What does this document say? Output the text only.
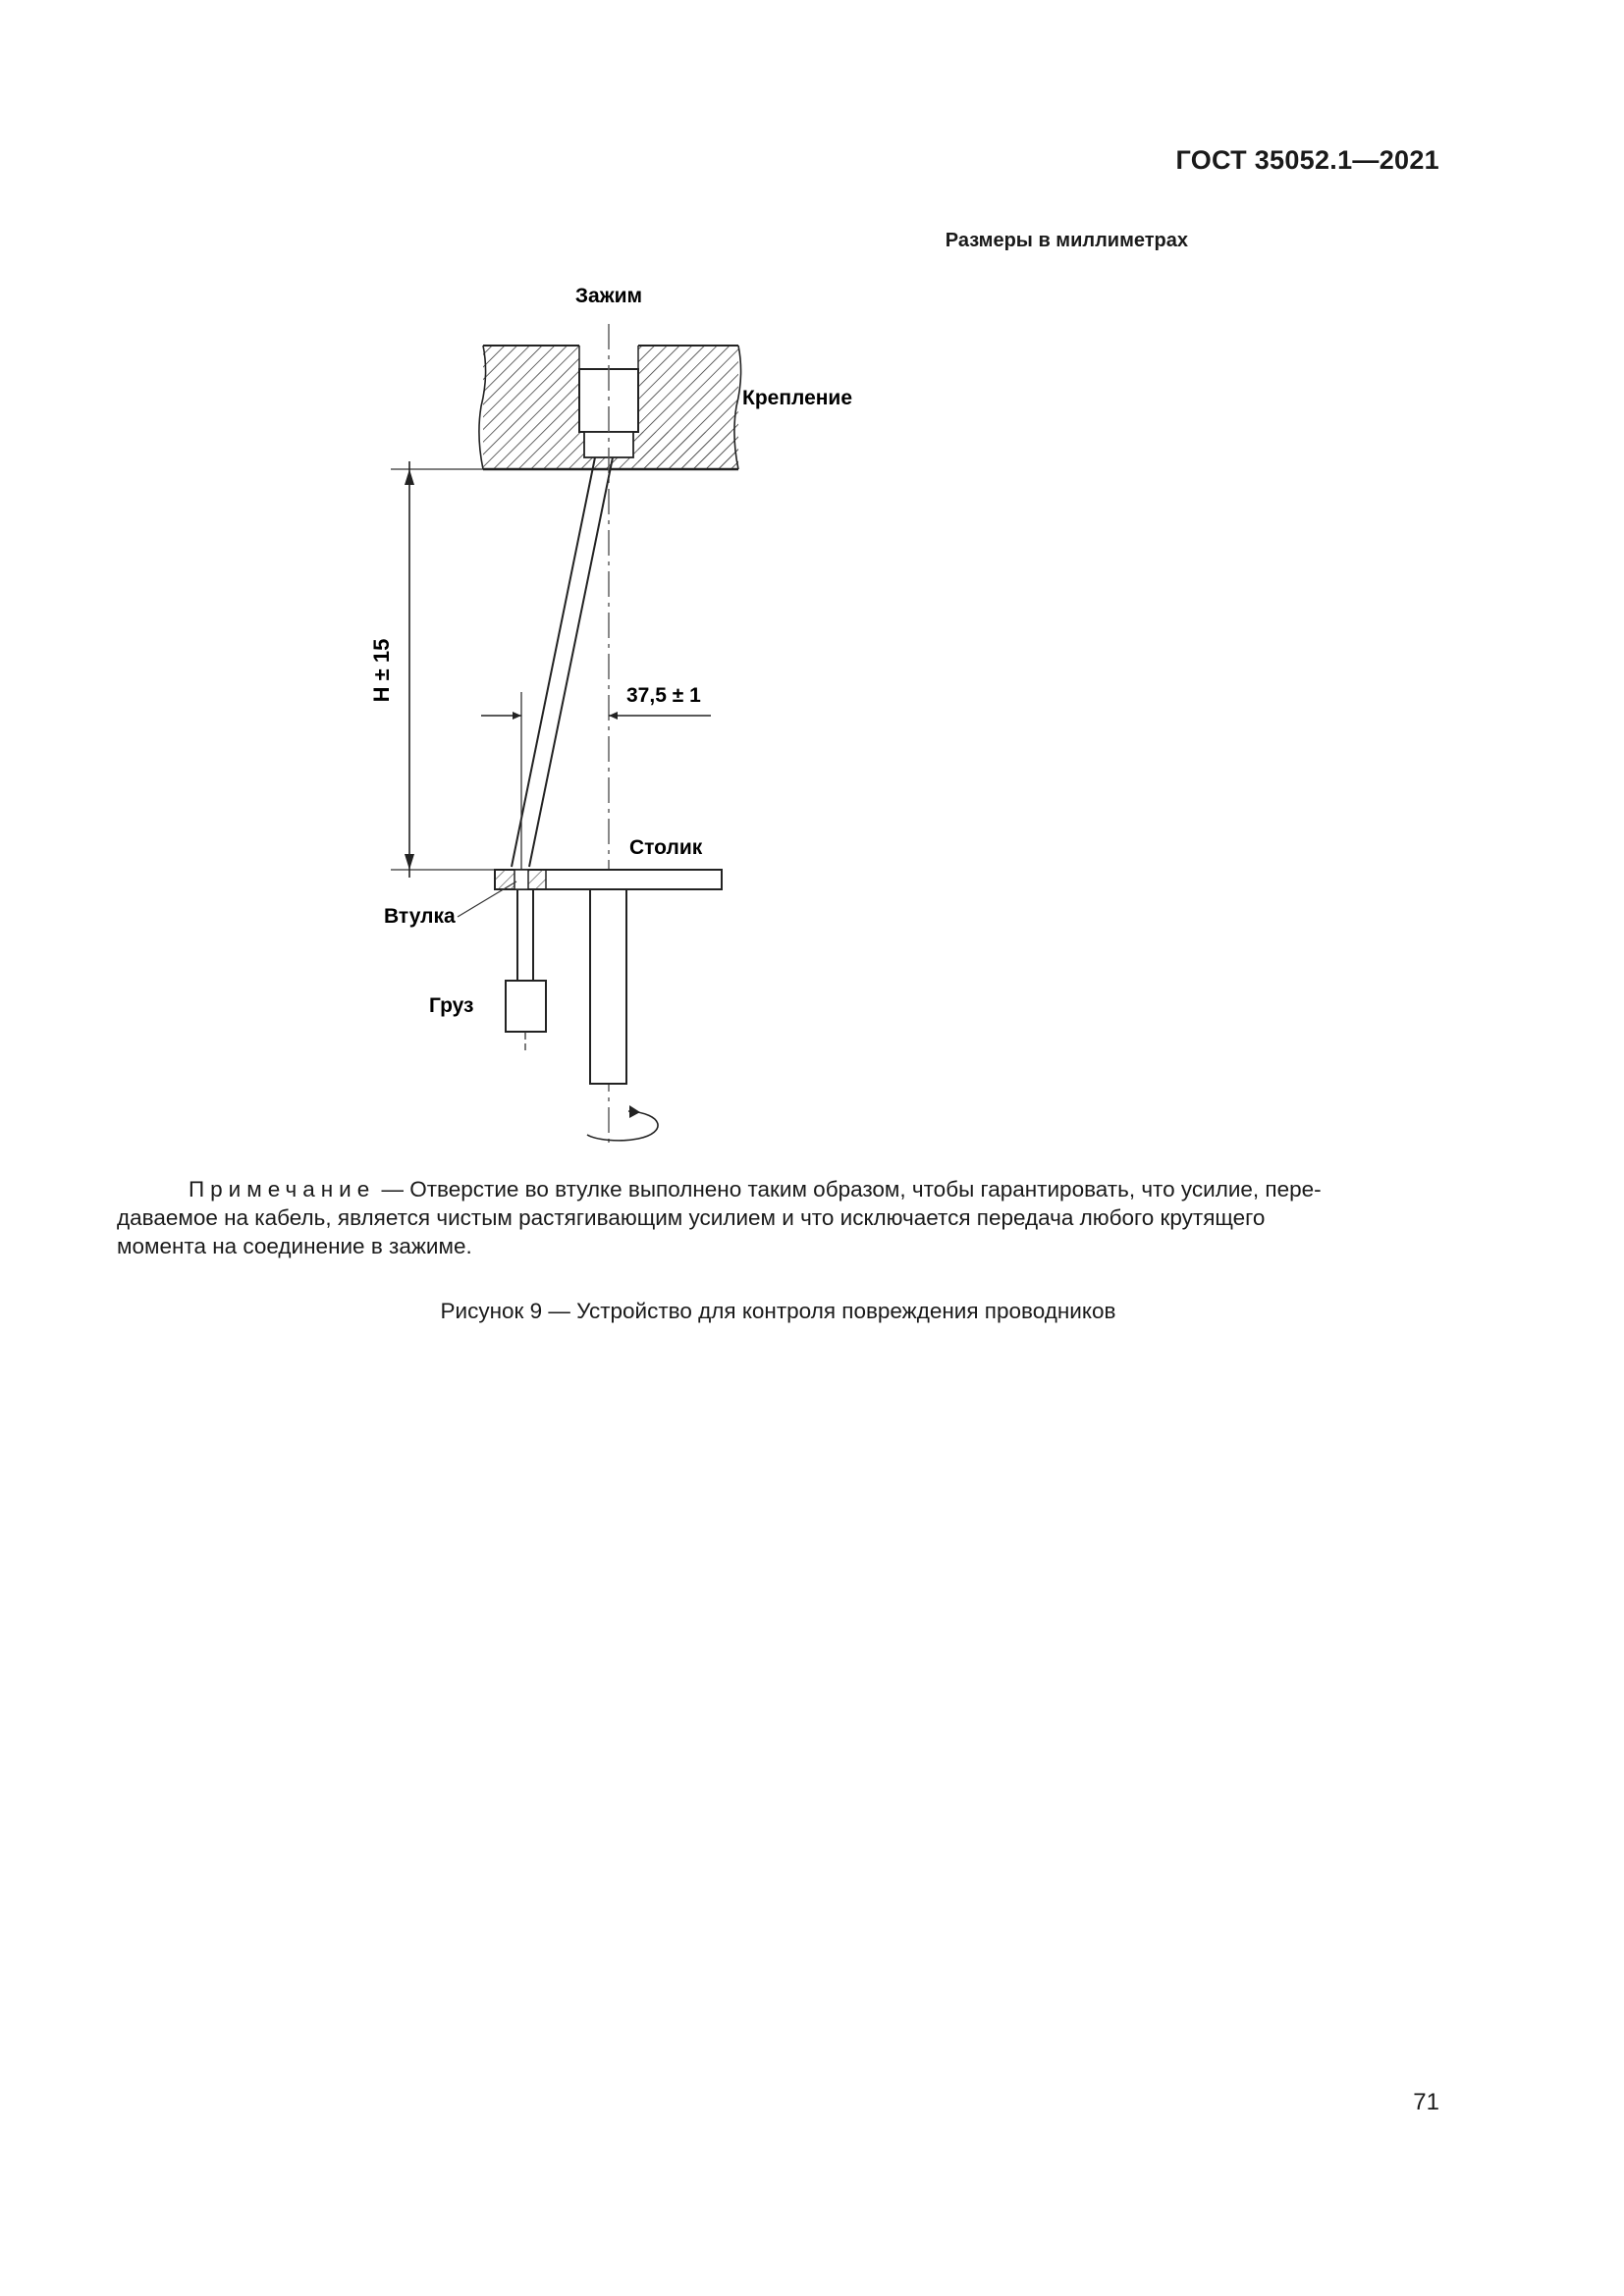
ГОСТ 35052.1—2021
Размеры в миллиметрах
H ± 15	37,5 ± 1
Зажим
Крепление
Столик
Втулка
Груз
Примечание — Отверстие во втулке выполнено таким образом, чтобы гарантировать, что усилие, пере-
даваемое на кабель, является чистым растягивающим усилием и что исключается передача любого крутящего
момента на соединение в зажиме.
Рисунок 9 — Устройство для контроля повреждения проводников
71
